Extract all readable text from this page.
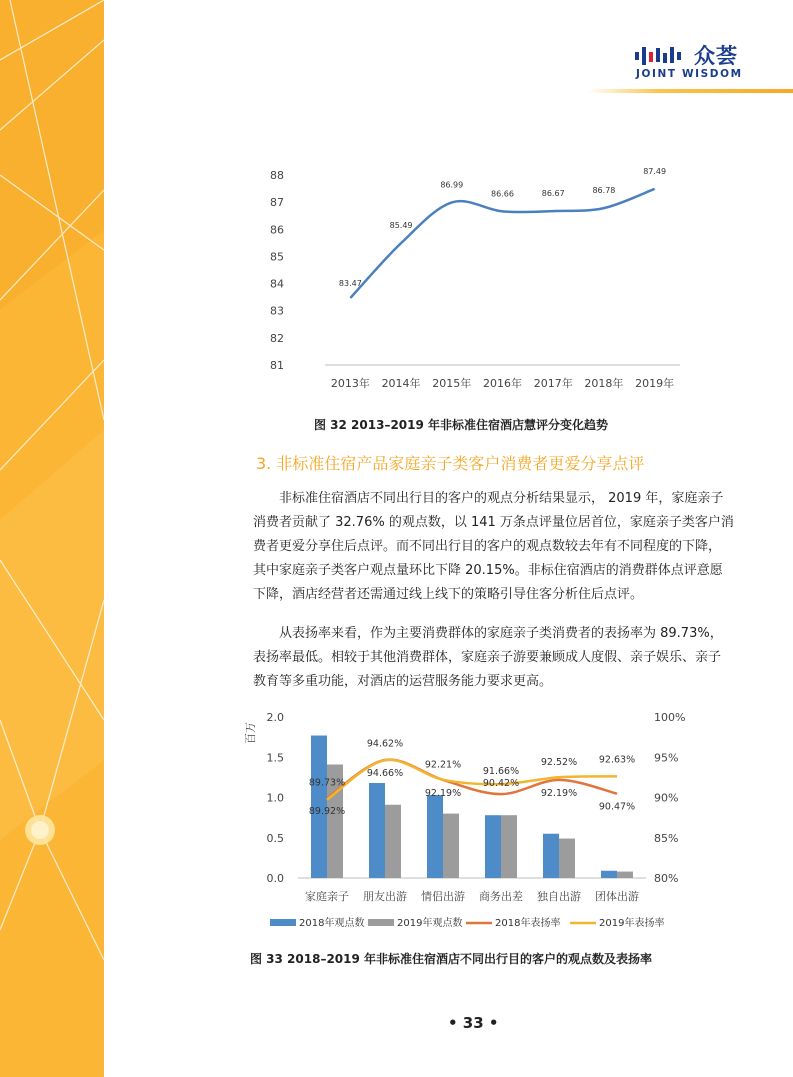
众荟
JOINT WISDOM
81
82
83
84
85
86
87
88
2013年 2014年 2015年 2016年 2017年 2018年 2019年
83.47
85.49
86.99
86.66	86.67	86.78
87.49
图 32 2013–2019 年非标准住宿酒店慧评分变化趋势
3. 非标准住宿产品家庭亲子类客户消费者更爱分享点评

非标准住宿酒店不同出行目的客户的观点分析结果显示， 2019 年，家庭亲子
消费者贡献了 32.76% 的观点数，以 141 万条点评量位居首位，家庭亲子类客户消
费者更爱分享住后点评。而不同出行目的客户的观点数较去年有不同程度的下降，
其中家庭亲子类客户观点量环比下降 20.15%。非标住宿酒店的消费群体点评意愿
下降，酒店经营者还需通过线上线下的策略引导住客分析住后点评。

从表扬率来看，作为主要消费群体的家庭亲子类消费者的表扬率为 89.73%，
表扬率最低。相较于其他消费群体，家庭亲子游要兼顾成人度假、亲子娱乐、亲子
教育等多重功能，对酒店的运营服务能力要求更高。

百万
0.0
0.5
1.0
1.5
2.0
80%
85%
90%
95%
100%
家庭亲子 朋友出游 情侣出游 商务出差 独自出游 团体出游
89.73%
94.62%
92.21%
91.66%
92.52% 92.63%
89.92%
94.66%
92.19%
90.42%
92.19%
90.47%
2018年观点数	2019年观点数	2018年表扬率	2019年表扬率
图 33 2018–2019 年非标准住宿酒店不同出行目的客户的观点数及表扬率
• 33 •
